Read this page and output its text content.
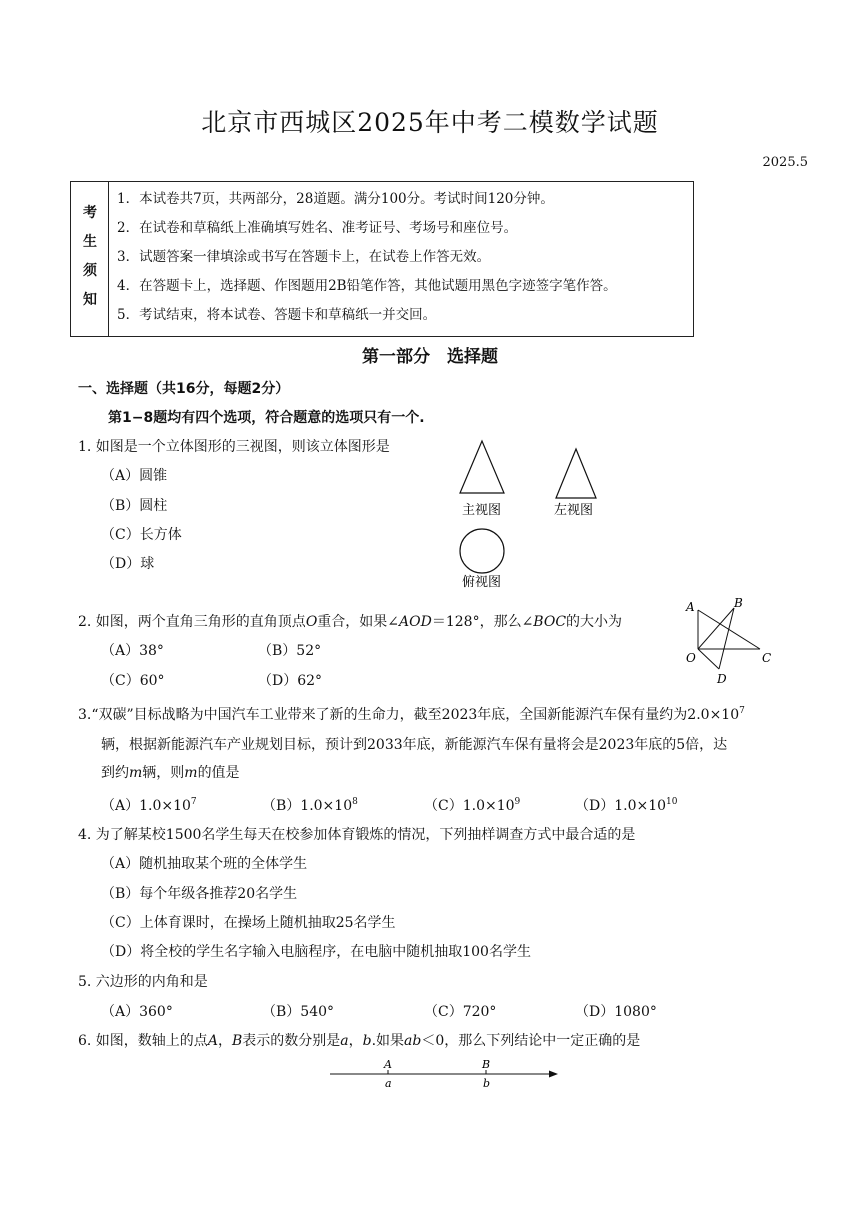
北京市西城区2025年中考二模数学试题
2025.5
考
生
须
知
1．本试卷共7页，共两部分，28道题。满分100分。考试时间120分钟。
2．在试卷和草稿纸上准确填写姓名、准考证号、考场号和座位号。
3．试题答案一律填涂或书写在答题卡上，在试卷上作答无效。
4．在答题卡上，选择题、作图题用2B铅笔作答，其他试题用黑色字迹签字笔作答。
5．考试结束，将本试卷、答题卡和草稿纸一并交回。
第一部分　选择题
一、选择题（共16分，每题2分）
第1−8题均有四个选项，符合题意的选项只有一个.
1. 如图是一个立体图形的三视图，则该立体图形是
（A）圆锥
（B）圆柱
（C）长方体
（D）球
主视图	左视图
俯视图
2. 如图，两个直角三角形的直角顶点O重合，如果∠AOD＝128°，那么∠BOC的大小为
（A）38°	（B）52°
（C）60°	（D）62°
A	B
O	C
D
3.“双碳”目标战略为中国汽车工业带来了新的生命力，截至2023年底，全国新能源汽车保有量约为$2.0\times 10^7$
辆，根据新能源汽车产业规划目标，预计到2033年底，新能源汽车保有量将会是2023年底的5倍，达
到约m辆，则m的值是
$(A)1.0\times 10^7$	$(B)1.0\times 10^8$	$(C)1.0\times 10^9$	$(D)1.0\times 10^{10}$
4. 为了解某校1500名学生每天在校参加体育锻炼的情况，下列抽样调查方式中最合适的是
（A）随机抽取某个班的全体学生
（B）每个年级各推荐20名学生
（C）上体育课时，在操场上随机抽取25名学生
（D）将全校的学生名字输入电脑程序，在电脑中随机抽取100名学生
5. 六边形的内角和是
（A）360°	（B）540°	（C）720°	（D）1080°
6. 如图，数轴上的点A，B表示的数分别是a，b.如果ab＜0，那么下列结论中一定正确的是
A	B
a	b
